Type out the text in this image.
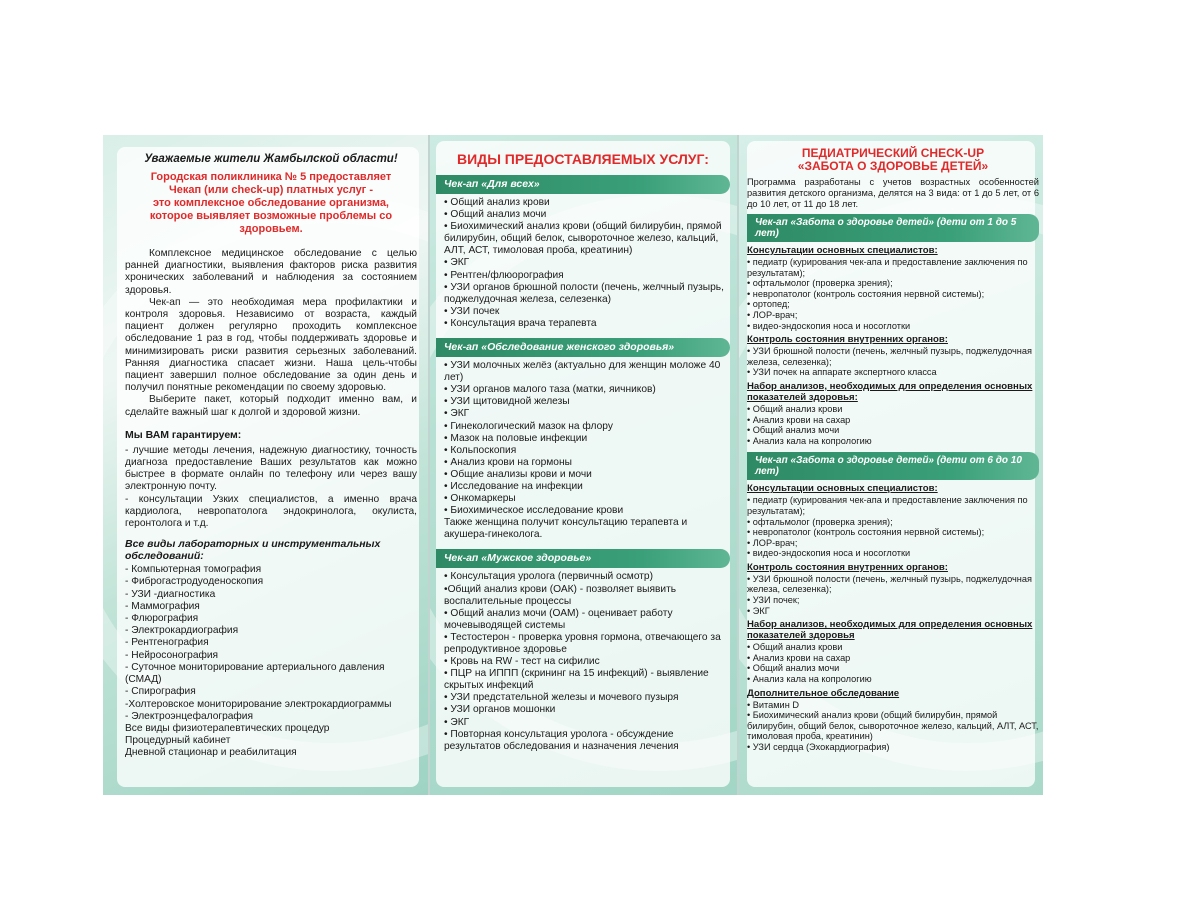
Уважаемые жители Жамбылской области!
Городская поликлиника № 5 предоставляет
Чекап (или check-up) платных услуг -
это комплексное обследование организма,
которое выявляет возможные проблемы со
здоровьем.

Комплексное медицинское обследование с целью ранней диагностики, выявления факторов риска развития хронических заболеваний и наблюдения за состоянием здоровья.

Чек-ап — это необходимая мера профилактики и контроля здоровья. Независимо от возраста, каждый пациент должен регулярно проходить комплексное обследование 1 раз в год, чтобы поддерживать здоровье и минимизировать риски развития серьезных заболеваний. Ранняя диагностика спасает жизни. Наша цель-чтобы пациент завершил полное обследование за один день и получил понятные рекомендации по своему здоровью.

Выберите пакет, который подходит именно вам, и сделайте важный шаг к долгой и здоровой жизни.

Мы ВАМ гарантируем:

- лучшие методы лечения, надежную диагностику, точность диагноза предоставление Ваших результатов как можно быстрее в формате онлайн по телефону или через вашу электронную почту.

- консультации Узких специалистов, а именно врача кардиолога, невропатолога эндокринолога, окулиста, геронтолога и т.д.

Все виды лабораторных и инструментальных обследований:
- Компьютерная томография
- Фиброгастродуоденоскопия
- УЗИ -диагностика
- Маммография
- Флюрография
- Электрокардиография
- Рентгенография
- Нейросонография
- Суточное мониторирование артериального давления (СМАД)
- Спирография
-Холтеровское мониторирование электрокардиограммы
- Электроэнцефалография
Все виды физиотерапевтических процедур
Процедурный кабинет
Дневной стационар и реабилитация
ВИДЫ ПРЕДОСТАВЛЯЕМЫХ УСЛУГ:
Чек-ап «Для всех»
• Общий анализ крови
• Общий анализ мочи
• Биохимический анализ крови (общий билирубин, прямой билирубин, общий белок, сывороточное железо, кальций, АЛТ, АСТ, тимоловая проба, креатинин)
• ЭКГ
• Рентген/флюорография
• УЗИ органов брюшной полости (печень, желчный пузырь, поджелудочная железа, селезенка)
• УЗИ почек
• Консультация врача терапевта
Чек-ап «Обследование женского здоровья»
• УЗИ молочных желёз (актуально для женщин моложе 40 лет)
• УЗИ органов малого таза (матки, яичников)
• УЗИ щитовидной железы
• ЭКГ
• Гинекологический мазок на флору
• Мазок на половые инфекции
• Кольпоскопия
• Анализ крови на гормоны
• Общие анализы крови и мочи
• Исследование на инфекции
• Онкомаркеры
• Биохимическое исследование крови
Также женщина получит консультацию терапевта и акушера-гинеколога.
Чек-ап «Мужское здоровье»
• Консультация уролога (первичный осмотр)
•Общий анализ крови (ОАК) - позволяет выявить воспалительные процессы
• Общий анализ мочи (ОАМ) - оценивает работу мочевыводящей системы
• Тестостерон - проверка уровня гормона, отвечающего за репродуктивное здоровье
• Кровь на RW - тест на сифилис
• ПЦР на ИППП (скрининг на 15 инфекций) - выявление скрытых инфекций
• УЗИ предстательной железы и мочевого пузыря
• УЗИ органов мошонки
• ЭКГ
• Повторная консультация уролога - обсуждение результатов обследования и назначения лечения
ПЕДИАТРИЧЕСКИЙ CHECK-UP
«ЗАБОТА О ЗДОРОВЬЕ ДЕТЕЙ»

Программа разработаны с учетов возрастных особенностей развития детского организма, делятся на 3 вида: от 1 до 5 лет, от 6 до 10 лет, от 11 до 18 лет.

Чек-ап «Забота о здоровье детей» (дети от 1 до 5 лет)
Консультации основных специалистов:
• педиатр (курирования чек-апа и предоставление заключения по результатам);
• офтальмолог (проверка зрения);
• невропатолог (контроль состояния нервной системы);
• ортопед;
• ЛОР-врач;
• видео-эндоскопия носа и носоглотки
Контроль состояния внутренних органов:
• УЗИ брюшной полости (печень, желчный пузырь, поджелудочная железа, селезенка);
• УЗИ почек на аппарате экспертного класса
Набор анализов, необходимых для определения основных показателей здоровья:
• Общий анализ крови
• Анализ крови на сахар
• Общий анализ мочи
• Анализ кала на копрологию
Чек-ап «Забота о здоровье детей» (дети от 6 до 10 лет)
Консультации основных специалистов:
• педиатр (курирования чек-апа и предоставление заключения по результатам);
• офтальмолог (проверка зрения);
• невропатолог (контроль состояния нервной системы);
• ЛОР-врач;
• видео-эндоскопия носа и носоглотки
Контроль состояния внутренних органов:
• УЗИ брюшной полости (печень, желчный пузырь, поджелудочная железа, селезенка);
• УЗИ почек;
• ЭКГ
Набор анализов, необходимых для определения основных показателей здоровья
• Общий анализ крови
• Анализ крови на сахар
• Общий анализ мочи
• Анализ кала на копрологию
Дополнительное обследование
• Витамин D
• Биохимический анализ крови (общий билирубин, прямой билирубин, общий белок, сывороточное железо, кальций, АЛТ, АСТ, тимоловая проба, креатинин)
• УЗИ сердца (Эхокардиография)
